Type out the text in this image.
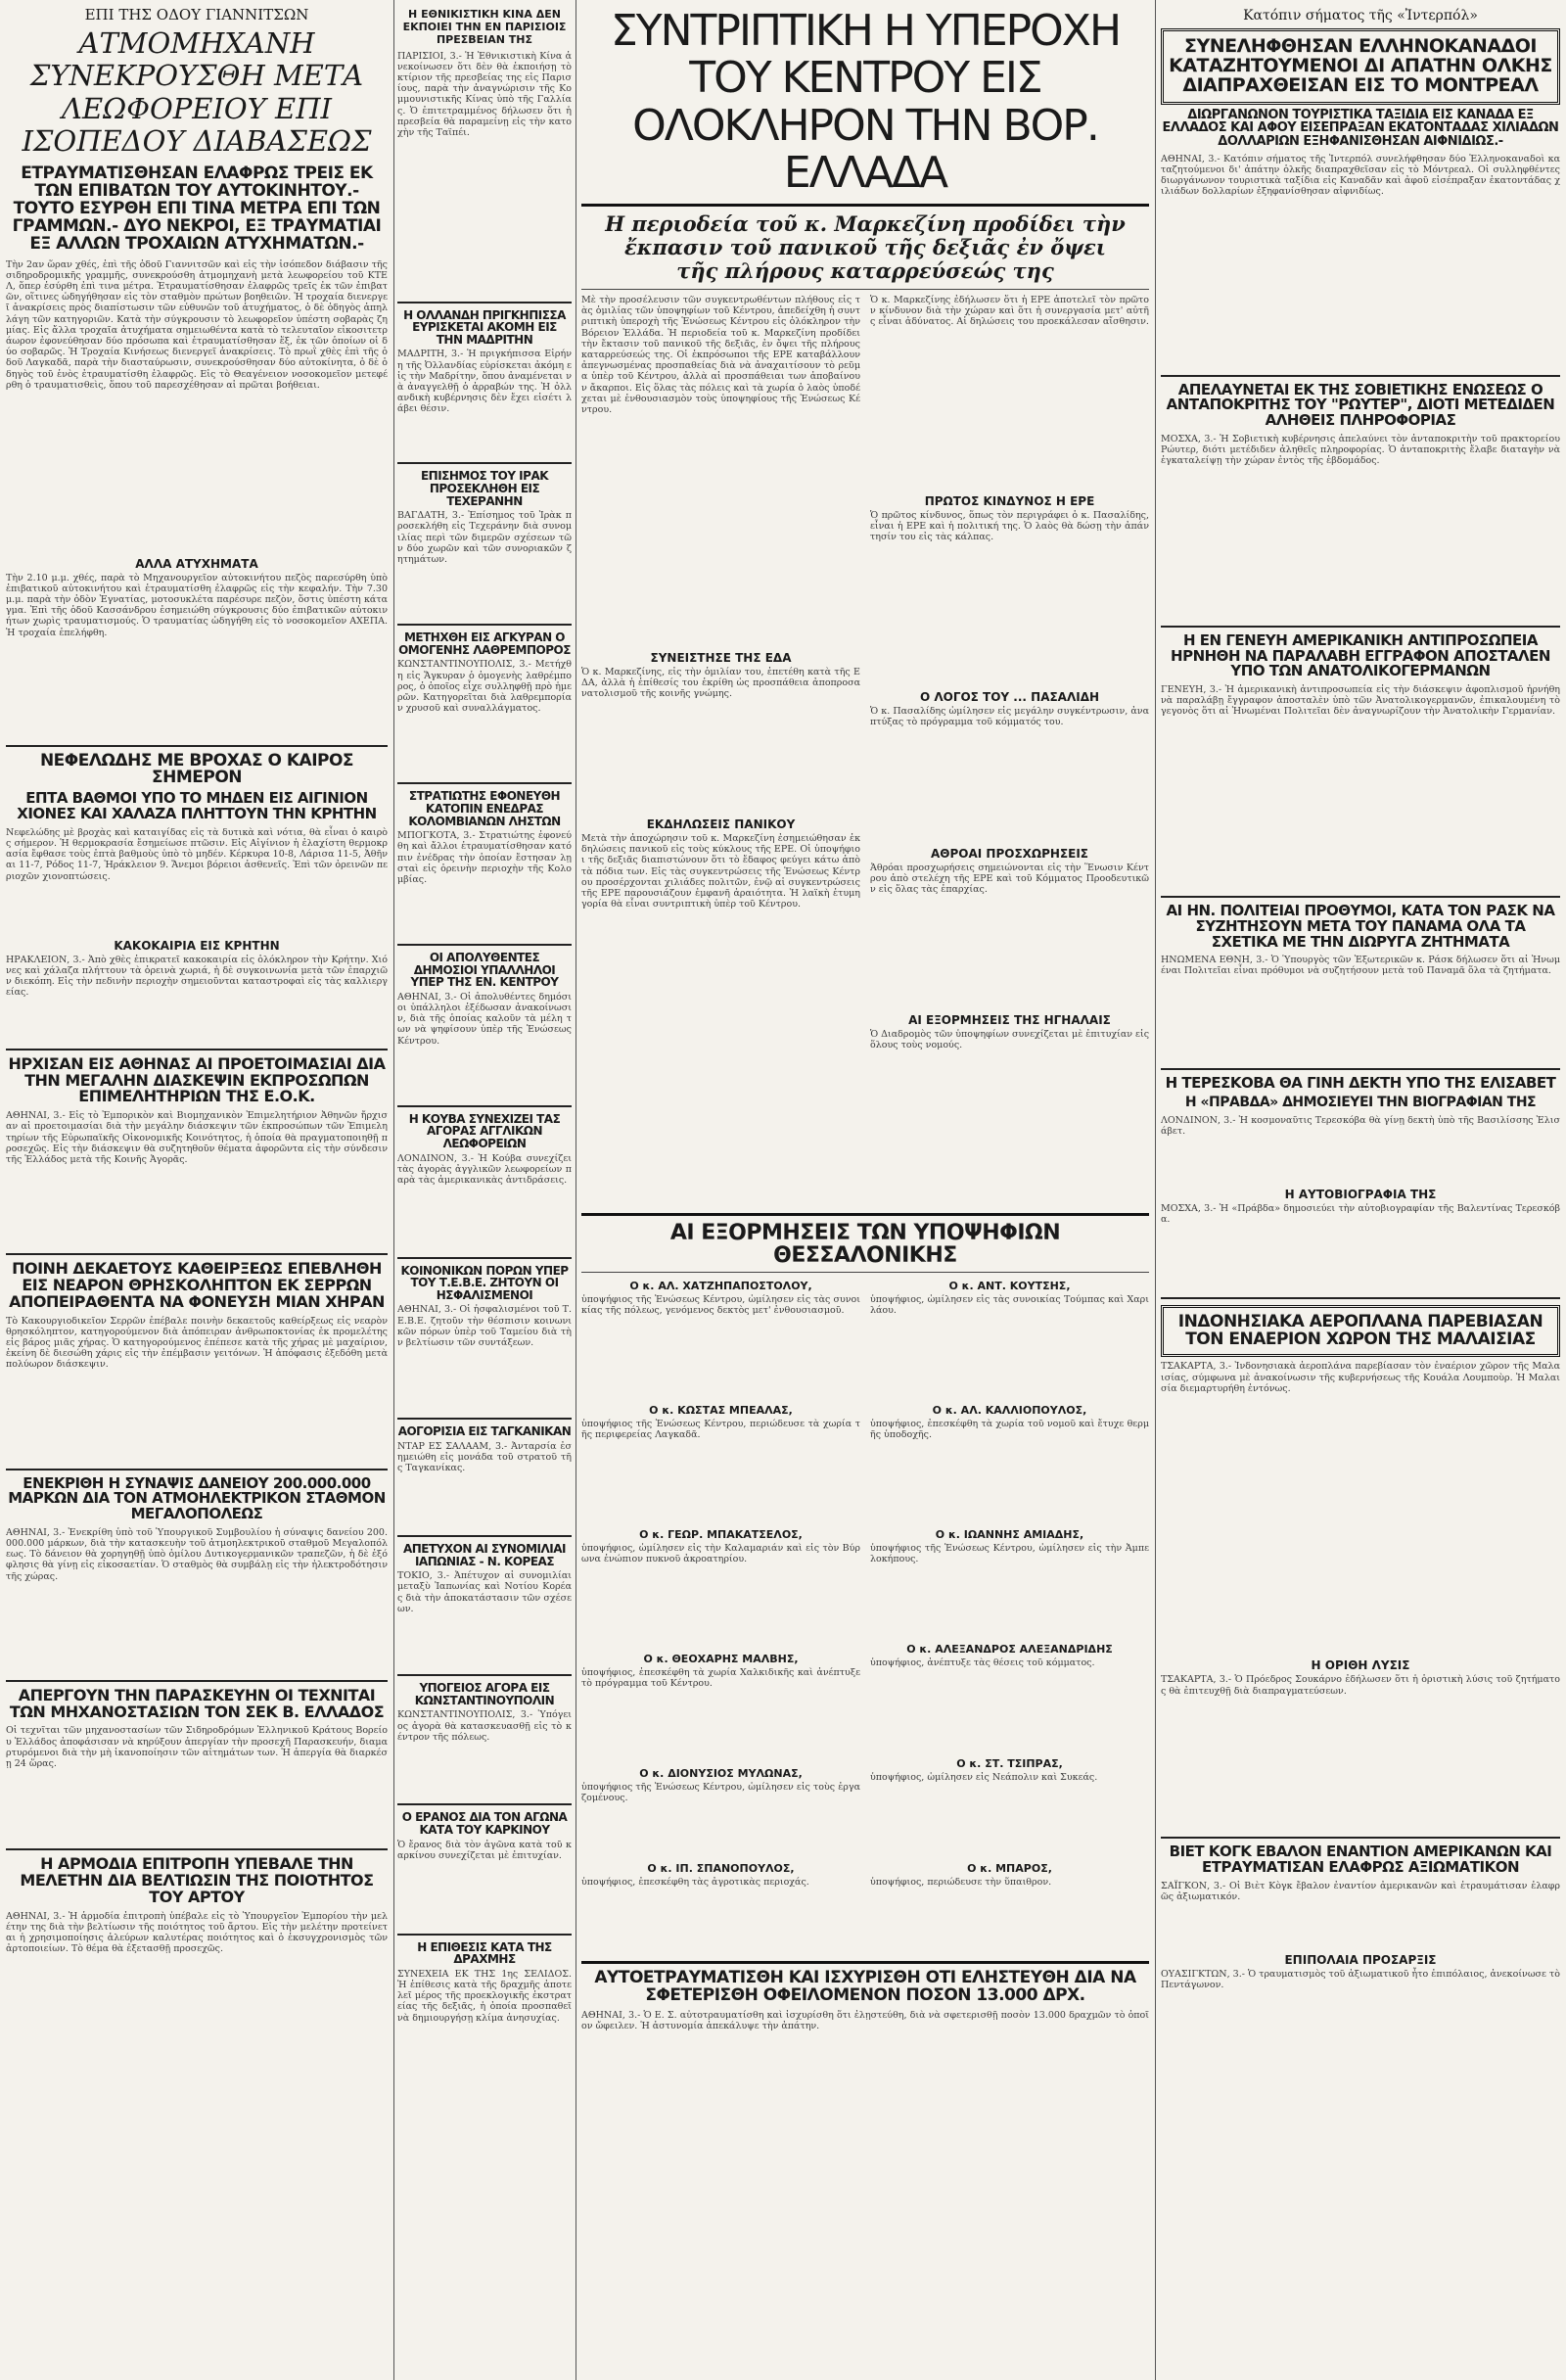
ΕΠΙ ΤΗΣ ΟΔΟΥ ΓΙΑΝΝΙΤΣΩΝ

ΑΤΜΟΜΗΧΑΝΗ ΣΥΝΕΚΡΟΥΣΘΗ ΜΕΤΑ ΛΕΩΦΟΡΕΙΟΥ ΕΠΙ ΙΣΟΠΕΔΟΥ ΔΙΑΒΑΣΕΩΣ
ΕΤΡΑΥΜΑΤΙΣΘΗΣΑΝ ΕΛΑΦΡΩΣ ΤΡΕΙΣ ΕΚ ΤΩΝ ΕΠΙΒΑΤΩΝ ΤΟΥ ΑΥΤΟΚΙΝΗΤΟΥ.- ΤΟΥΤΟ ΕΣΥΡΘΗ ΕΠΙ ΤΙΝΑ ΜΕΤΡΑ ΕΠΙ ΤΩΝ ΓΡΑΜΜΩΝ.- ΔΥΟ ΝΕΚΡΟΙ, ΕΞ ΤΡΑΥΜΑΤΙΑΙ ΕΞ ΑΛΛΩΝ ΤΡΟΧΑΙΩΝ ΑΤΥΧΗΜΑΤΩΝ.-
Τὴν 2αν ὥραν χθές, ἐπὶ τῆς ὁδοῦ Γιαννιτσῶν καὶ εἰς τὴν ἰσόπεδον διάβασιν τῆς σιδηροδρομικῆς γραμμῆς, συνεκρούσθη ἀτμομηχανὴ μετὰ λεωφορείου τοῦ ΚΤΕΛ, ὅπερ ἐσύρθη ἐπὶ τινα μέτρα. Ἐτραυματίσθησαν ἐλαφρῶς τρεῖς ἐκ τῶν ἐπιβατῶν, οἵτινες ὡδηγήθησαν εἰς τὸν σταθμὸν πρώτων βοηθειῶν. Ἡ τροχαία διενεργεῖ ἀνακρίσεις πρὸς διαπίστωσιν τῶν εὐθυνῶν τοῦ ἀτυχήματος, ὁ δὲ ὁδηγὸς ἀπηλλάγη τῶν κατηγοριῶν. Κατὰ τὴν σύγκρουσιν τὸ λεωφορεῖον ὑπέστη σοβαρὰς ζημίας. Εἰς ἄλλα τροχαῖα ἀτυχήματα σημειωθέντα κατὰ τὸ τελευταῖον εἰκοσιτετράωρον ἐφονεύθησαν δύο πρόσωπα καὶ ἐτραυματίσθησαν ἕξ, ἐκ τῶν ὁποίων οἱ δύο σοβαρῶς. Ἡ Τροχαία Κινήσεως διενεργεῖ ἀνακρίσεις. Τὸ πρωῒ χθὲς ἐπὶ τῆς ὁδοῦ Λαγκαδᾶ, παρὰ τὴν διασταύρωσιν, συνεκρούσθησαν δύο αὐτοκίνητα, ὁ δὲ ὁδηγὸς τοῦ ἑνὸς ἐτραυματίσθη ἐλαφρῶς. Εἰς τὸ Θεαγένειον νοσοκομεῖον μετεφέρθη ὁ τραυματισθεὶς, ὅπου τοῦ παρεσχέθησαν αἱ πρῶται βοήθειαι.

ΑΛΛΑ ΑΤΥΧΗΜΑΤΑ

Τὴν 2.10 μ.μ. χθές, παρὰ τὸ Μηχανουργεῖον αὐτοκινήτου πεζὸς παρεσύρθη ὑπὸ ἐπιβατικοῦ αὐτοκινήτου καὶ ἐτραυματίσθη ἐλαφρῶς εἰς τὴν κεφαλήν. Τὴν 7.30 μ.μ. παρὰ τὴν ὁδὸν Ἐγνατίας, μοτοσυκλέτα παρέσυρε πεζὸν, ὅστις ὑπέστη κάταγμα. Ἐπὶ τῆς ὁδοῦ Κασσάνδρου ἐσημειώθη σύγκρουσις δύο ἐπιβατικῶν αὐτοκινήτων χωρὶς τραυματισμούς. Ὁ τραυματίας ὡδηγήθη εἰς τὸ νοσοκομεῖον ΑΧΕΠΑ. Ἡ τροχαία ἐπελήφθη.
ΝΕΦΕΛΩΔΗΣ ΜΕ ΒΡΟΧΑΣ Ο ΚΑΙΡΟΣ ΣΗΜΕΡΟΝ
ΕΠΤΑ ΒΑΘΜΟΙ ΥΠΟ ΤΟ ΜΗΔΕΝ ΕΙΣ ΑΙΓΙΝΙΟΝ ΧΙΟΝΕΣ ΚΑΙ ΧΑΛΑΖΑ ΠΛΗΤΤΟΥΝ ΤΗΝ ΚΡΗΤΗΝ
Νεφελώδης μὲ βροχὰς καὶ καταιγίδας εἰς τὰ δυτικὰ καὶ νότια, θὰ εἶναι ὁ καιρὸς σήμερον. Ἡ θερμοκρασία ἔσημείωσε πτῶσιν. Εἰς Αἰγίνιον ἡ ἐλαχίστη θερμοκρασία ἔφθασε τοὺς ἑπτὰ βαθμοὺς ὑπὸ τὸ μηδέν. Κέρκυρα 10-8, Λάρισα 11-5, Ἀθῆναι 11-7, Ρόδος 11-7, Ἡράκλειον 9. Ἄνεμοι βόρειοι ἀσθενεῖς. Ἐπὶ τῶν ὀρεινῶν περιοχῶν χιονοπτώσεις.

ΚΑΚΟΚΑΙΡΙΑ ΕΙΣ ΚΡΗΤΗΝ

ΗΡΑΚΛΕΙΟΝ, 3.- Ἀπὸ χθὲς ἐπικρατεῖ κακοκαιρία εἰς ὁλόκληρον τὴν Κρήτην. Χιόνες καὶ χάλαζα πλήττουν τὰ ὀρεινὰ χωριά, ἡ δὲ συγκοινωνία μετὰ τῶν ἐπαρχιῶν διεκόπη. Εἰς τὴν πεδινὴν περιοχὴν σημειοῦνται καταστροφαὶ εἰς τὰς καλλιεργείας.
ΗΡΧΙΣΑΝ ΕΙΣ ΑΘΗΝΑΣ ΑΙ ΠΡΟΕΤΟΙΜΑΣΙΑΙ ΔΙΑ ΤΗΝ ΜΕΓΑΛΗΝ ΔΙΑΣΚΕΨΙΝ ΕΚΠΡΟΣΩΠΩΝ ΕΠΙΜΕΛΗΤΗΡΙΩΝ ΤΗΣ Ε.Ο.Κ.
ΑΘΗΝΑΙ, 3.- Εἰς τὸ Ἐμπορικὸν καὶ Βιομηχανικὸν Ἐπιμελητήριον Ἀθηνῶν ἤρχισαν αἱ προετοιμασίαι διὰ τὴν μεγάλην διάσκεψιν τῶν ἐκπροσώπων τῶν Ἐπιμελητηρίων τῆς Εὐρωπαϊκῆς Οἰκονομικῆς Κοινότητος, ἡ ὁποία θὰ πραγματοποιηθῇ προσεχῶς. Εἰς τὴν διάσκεψιν θὰ συζητηθοῦν θέματα ἀφορῶντα εἰς τὴν σύνδεσιν τῆς Ἑλλάδος μετὰ τῆς Κοινῆς Ἀγορᾶς.
ΠΟΙΝΗ ΔΕΚΑΕΤΟΥΣ ΚΑΘΕΙΡΞΕΩΣ ΕΠΕΒΛΗΘΗ ΕΙΣ ΝΕΑΡΟΝ ΘΡΗΣΚΟΛΗΠΤΟΝ ΕΚ ΣΕΡΡΩΝ ΑΠΟΠΕΙΡΑΘΕΝΤΑ ΝΑ ΦΟΝΕΥΣΗ ΜΙΑΝ ΧΗΡΑΝ
Τὸ Κακουργιοδικεῖον Σερρῶν ἐπέβαλε ποινὴν δεκαετοῦς καθείρξεως εἰς νεαρὸν θρησκόληπτον, κατηγορούμενον διὰ ἀπόπειραν ἀνθρωποκτονίας ἐκ προμελέτης εἰς βάρος μιᾶς χήρας. Ὁ κατηγορούμενος ἐπέπεσε κατὰ τῆς χήρας μὲ μαχαίριον, ἐκείνη δὲ διεσώθη χάρις εἰς τὴν ἐπέμβασιν γειτόνων. Ἡ ἀπόφασις ἐξεδόθη μετὰ πολύωρον διάσκεψιν.
ΕΝΕΚΡΙΘΗ Η ΣΥΝΑΨΙΣ ΔΑΝΕΙΟΥ 200.000.000 ΜΑΡΚΩΝ ΔΙΑ ΤΟΝ ΑΤΜΟΗΛΕΚΤΡΙΚΟΝ ΣΤΑΘΜΟΝ ΜΕΓΑΛΟΠΟΛΕΩΣ
ΑΘΗΝΑΙ, 3.- Ἐνεκρίθη ὑπὸ τοῦ Ὑπουργικοῦ Συμβουλίου ἡ σύναψις δανείου 200.000.000 μάρκων, διὰ τὴν κατασκευὴν τοῦ ἀτμοηλεκτρικοῦ σταθμοῦ Μεγαλοπόλεως. Τὸ δάνειον θὰ χορηγηθῇ ὑπὸ ὁμίλου Δυτικογερμανικῶν τραπεζῶν, ἡ δὲ ἐξόφλησις θὰ γίνῃ εἰς εἰκοσαετίαν. Ὁ σταθμὸς θὰ συμβάλῃ εἰς τὴν ἠλεκτροδότησιν τῆς χώρας.
ΑΠΕΡΓΟΥΝ ΤΗΝ ΠΑΡΑΣΚΕΥΗΝ ΟΙ ΤΕΧΝΙΤΑΙ ΤΩΝ ΜΗΧΑΝΟΣΤΑΣΙΩΝ ΤΟΝ ΣΕΚ Β. ΕΛΛΑΔΟΣ
Οἱ τεχνῖται τῶν μηχανοστασίων τῶν Σιδηροδρόμων Ἑλληνικοῦ Κράτους Βορείου Ἑλλάδος ἀποφάσισαν νὰ κηρύξουν ἀπεργίαν τὴν προσεχῆ Παρασκευήν, διαμαρτυρόμενοι διὰ τὴν μὴ ἱκανοποίησιν τῶν αἰτημάτων των. Ἡ ἀπεργία θὰ διαρκέσῃ 24 ὥρας.
Η ΑΡΜΟΔΙΑ ΕΠΙΤΡΟΠΗ ΥΠΕΒΑΛΕ ΤΗΝ ΜΕΛΕΤΗΝ ΔΙΑ ΒΕΛΤΙΩΣΙΝ ΤΗΣ ΠΟΙΟΤΗΤΟΣ ΤΟΥ ΑΡΤΟΥ
ΑΘΗΝΑΙ, 3.- Ἡ ἁρμοδία ἐπιτροπὴ ὑπέβαλε εἰς τὸ Ὑπουργεῖον Ἐμπορίου τὴν μελέτην της διὰ τὴν βελτίωσιν τῆς ποιότητος τοῦ ἄρτου. Εἰς τὴν μελέτην προτείνεται ἡ χρησιμοποίησις ἀλεύρων καλυτέρας ποιότητος καὶ ὁ ἐκσυγχρονισμὸς τῶν ἀρτοποιείων. Τὸ θέμα θὰ ἐξετασθῇ προσεχῶς.

Η ΕΘΝΙΚΙΣΤΙΚΗ ΚΙΝΑ ΔΕΝ ΕΚΠΟΙΕΙ ΤΗΝ ΕΝ ΠΑΡΙΣΙΟΙΣ ΠΡΕΣΒΕΙΑΝ ΤΗΣ

ΠΑΡΙΣΙΟΙ, 3.- Ἡ Ἐθνικιστικὴ Κίνα ἀνεκοίνωσεν ὅτι δὲν θὰ ἐκποιήσῃ τὸ κτίριον τῆς πρεσβείας της εἰς Παρισίους, παρὰ τὴν ἀναγνώρισιν τῆς Κομμουνιστικῆς Κίνας ὑπὸ τῆς Γαλλίας. Ὁ ἐπιτετραμμένος δήλωσεν ὅτι ἡ πρεσβεία θὰ παραμείνῃ εἰς τὴν κατοχὴν τῆς Ταϊπέι.
Η ΟΛΛΑΝΔΗ ΠΡΙΓΚΗΠΙΣΣΑ ΕΥΡΙΣΚΕΤΑΙ ΑΚΟΜΗ ΕΙΣ ΤΗΝ ΜΑΔΡΙΤΗΝ
ΜΑΔΡΙΤΗ, 3.- Ἡ πριγκήπισσα Εἰρήνη τῆς Ὀλλανδίας εὑρίσκεται ἀκόμη εἰς τὴν Μαδρίτην, ὅπου ἀναμένεται νὰ ἀναγγελθῇ ὁ ἀρραβών της. Ἡ ὀλλανδικὴ κυβέρνησις δὲν ἔχει εἰσέτι λάβει θέσιν.
ΕΠΙΣΗΜΟΣ ΤΟΥ ΙΡΑΚ ΠΡΟΣΕΚΛΗΘΗ ΕΙΣ ΤΕΧΕΡΑΝΗΝ
ΒΑΓΔΑΤΗ, 3.- Ἐπίσημος τοῦ Ἰρὰκ προσεκλήθη εἰς Τεχεράνην διὰ συνομιλίας περὶ τῶν διμερῶν σχέσεων τῶν δύο χωρῶν καὶ τῶν συνοριακῶν ζητημάτων.
ΜΕΤΗΧΘΗ ΕΙΣ ΑΓΚΥΡΑΝ Ο ΟΜΟΓΕΝΗΣ ΛΑΘΡΕΜΠΟΡΟΣ
ΚΩΝΣΤΑΝΤΙΝΟΥΠΟΛΙΣ, 3.- Μετήχθη εἰς Ἄγκυραν ὁ ὁμογενὴς λαθρέμπορος, ὁ ὁποῖος εἶχε συλληφθῇ πρὸ ἡμερῶν. Κατηγορεῖται διὰ λαθρεμπορίαν χρυσοῦ καὶ συναλλάγματος.
ΣΤΡΑΤΙΩΤΗΣ ΕΦΟΝΕΥΘΗ ΚΑΤΟΠΙΝ ΕΝΕΔΡΑΣ ΚΟΛΟΜΒΙΑΝΩΝ ΛΗΣΤΩΝ
ΜΠΟΓΚΟΤΑ, 3.- Στρατιώτης ἐφονεύθη καὶ ἄλλοι ἐτραυματίσθησαν κατόπιν ἐνέδρας τὴν ὁποίαν ἔστησαν λῃσταὶ εἰς ὀρεινὴν περιοχὴν τῆς Κολομβίας.
ΟΙ ΑΠΟΛΥΘΕΝΤΕΣ ΔΗΜΟΣΙΟΙ ΥΠΑΛΛΗΛΟΙ ΥΠΕΡ ΤΗΣ ΕΝ. ΚΕΝΤΡΟΥ
ΑΘΗΝΑΙ, 3.- Οἱ ἀπολυθέντες δημόσιοι ὑπάλληλοι ἐξέδωσαν ἀνακοίνωσιν, διὰ τῆς ὁποίας καλοῦν τὰ μέλη των νὰ ψηφίσουν ὑπὲρ τῆς Ἑνώσεως Κέντρου.
Η ΚΟΥΒΑ ΣΥΝΕΧΙΖΕΙ ΤΑΣ ΑΓΟΡΑΣ ΑΓΓΛΙΚΩΝ ΛΕΩΦΟΡΕΙΩΝ
ΛΟΝΔΙΝΟΝ, 3.- Ἡ Κούβα συνεχίζει τὰς ἀγορὰς ἀγγλικῶν λεωφορείων παρὰ τὰς ἀμερικανικὰς ἀντιδράσεις.
ΚΟΙΝΟΝΙΚΩΝ ΠΟΡΩΝ ΥΠΕΡ ΤΟΥ Τ.Ε.Β.Ε. ΖΗΤΟΥΝ ΟΙ ΗΣΦΑΛΙΣΜΕΝΟΙ
ΑΘΗΝΑΙ, 3.- Οἱ ἠσφαλισμένοι τοῦ Τ.Ε.Β.Ε. ζητοῦν τὴν θέσπισιν κοινωνικῶν πόρων ὑπὲρ τοῦ Ταμείου διὰ τὴν βελτίωσιν τῶν συντάξεων.
ΑΟΓΟΡΙΣΙΑ ΕΙΣ ΤΑΓΚΑΝΙΚΑΝ
ΝΤΑΡ ΕΣ ΣΑΛΑΑΜ, 3.- Ἀνταρσία ἐσημειώθη εἰς μονάδα τοῦ στρατοῦ τῆς Ταγκανίκας.
ΑΠΕΤΥΧΟΝ ΑΙ ΣΥΝΟΜΙΛΙΑΙ ΙΑΠΩΝΙΑΣ - Ν. ΚΟΡΕΑΣ
ΤΟΚΙΟ, 3.- Ἀπέτυχον αἱ συνομιλίαι μεταξὺ Ἰαπωνίας καὶ Νοτίου Κορέας διὰ τὴν ἀποκατάστασιν τῶν σχέσεων.
ΥΠΟΓΕΙΟΣ ΑΓΟΡΑ ΕΙΣ ΚΩΝΣΤΑΝΤΙΝΟΥΠΟΛΙΝ
ΚΩΝΣΤΑΝΤΙΝΟΥΠΟΛΙΣ, 3.- Ὑπόγειος ἀγορὰ θὰ κατασκευασθῇ εἰς τὸ κέντρον τῆς πόλεως.
Ο ΕΡΑΝΟΣ ΔΙΑ ΤΟΝ ΑΓΩΝΑ ΚΑΤΑ ΤΟΥ ΚΑΡΚΙΝΟΥ
Ὁ ἔρανος διὰ τὸν ἀγῶνα κατὰ τοῦ καρκίνου συνεχίζεται μὲ ἐπιτυχίαν.
Η ΕΠΙΘΕΣΙΣ ΚΑΤΑ ΤΗΣ ΔΡΑΧΜΗΣ
ΣΥΝΕΧΕΙΑ ΕΚ ΤΗΣ 1ης ΣΕΛΙΔΟΣ. Ἡ ἐπίθεσις κατὰ τῆς δραχμῆς ἀποτελεῖ μέρος τῆς προεκλογικῆς ἐκστρατείας τῆς δεξιᾶς, ἡ ὁποία προσπαθεῖ νὰ δημιουργήσῃ κλίμα ἀνησυχίας.
ΣΥΝΤΡΙΠΤΙΚΗ Η ΥΠΕΡΟΧΗ ΤΟΥ ΚΕΝΤΡΟΥ ΕΙΣ ΟΛΟΚΛΗΡΟΝ ΤΗΝ ΒΟΡ. ΕΛΛΑΔΑ

Η περιοδεία τοῦ κ. Μαρκεζίνη προδίδει τὴν ἔκπασιν τοῦ πανικοῦ τῆς δεξιᾶς ἐν ὄψει τῆς πλήρους καταρρεύσεώς της

Μὲ τὴν προσέλευσιν τῶν συγκεντρωθέντων πλήθους εἰς τὰς ὁμιλίας τῶν ὑποψηφίων τοῦ Κέντρου, ἀπεδείχθη ἡ συντριπτικὴ ὑπεροχὴ τῆς Ἑνώσεως Κέντρου εἰς ὁλόκληρον τὴν Βόρειον Ἑλλάδα. Ἡ περιοδεία τοῦ κ. Μαρκεζίνη προδίδει τὴν ἔκτασιν τοῦ πανικοῦ τῆς δεξιᾶς, ἐν ὄψει τῆς πλήρους καταρρεύσεώς της. Οἱ ἐκπρόσωποι τῆς ΕΡΕ καταβάλλουν ἀπεγνωσμένας προσπαθείας διὰ νὰ ἀναχαιτίσουν τὸ ρεῦμα ὑπὲρ τοῦ Κέντρου, ἀλλὰ αἱ προσπάθειαι των ἀποβαίνουν ἄκαρποι. Εἰς ὅλας τὰς πόλεις καὶ τὰ χωρία ὁ λαὸς ὑποδέχεται μὲ ἐνθουσιασμὸν τοὺς ὑποψηφίους τῆς Ἑνώσεως Κέντρου.

ΣΥΝΕΙΣΤΗΣΕ ΤΗΣ ΕΔΑ

Ὁ κ. Μαρκεζίνης, εἰς τὴν ὁμιλίαν του, ἐπετέθη κατὰ τῆς ΕΔΑ, ἀλλὰ ἡ ἐπίθεσίς του ἐκρίθη ὡς προσπάθεια ἀποπροσανατολισμοῦ τῆς κοινῆς γνώμης.

ΕΚΔΗΛΩΣΕΙΣ ΠΑΝΙΚΟΥ

Μετὰ τὴν ἀποχώρησιν τοῦ κ. Μαρκεζίνη ἐσημειώθησαν ἐκδηλώσεις πανικοῦ εἰς τοὺς κύκλους τῆς ΕΡΕ. Οἱ ὑποψήφιοι τῆς δεξιᾶς διαπιστώνουν ὅτι τὸ ἔδαφος φεύγει κάτω ἀπὸ τὰ πόδια των. Εἰς τὰς συγκεντρώσεις τῆς Ἑνώσεως Κέντρου προσέρχονται χιλιάδες πολιτῶν, ἐνῷ αἱ συγκεντρώσεις τῆς ΕΡΕ παρουσιάζουν ἐμφανῆ ἀραιότητα. Ἡ λαϊκὴ ἐτυμηγορία θὰ εἶναι συντριπτικὴ ὑπὲρ τοῦ Κέντρου.
Ὁ κ. Μαρκεζίνης ἐδήλωσεν ὅτι ἡ ΕΡΕ ἀποτελεῖ τὸν πρῶτον κίνδυνον διὰ τὴν χώραν καὶ ὅτι ἡ συνεργασία μετ' αὐτῆς εἶναι ἀδύνατος. Αἱ δηλώσεις του προεκάλεσαν αἴσθησιν.

ΠΡΩΤΟΣ ΚΙΝΔΥΝΟΣ Η ΕΡΕ

Ὁ πρῶτος κίνδυνος, ὅπως τὸν περιγράφει ὁ κ. Πασαλίδης, εἶναι ἡ ΕΡΕ καὶ ἡ πολιτική της. Ὁ λαὸς θὰ δώσῃ τὴν ἀπάντησίν του εἰς τὰς κάλπας.

Ο ΛΟΓΟΣ ΤΟΥ ... ΠΑΣΑΛΙΔΗ

Ὁ κ. Πασαλίδης ὡμίλησεν εἰς μεγάλην συγκέντρωσιν, ἀναπτύξας τὸ πρόγραμμα τοῦ κόμματός του.

ΑΘΡΟΑΙ ΠΡΟΣΧΩΡΗΣΕΙΣ

Ἀθρόαι προσχωρήσεις σημειώνονται εἰς τὴν Ἕνωσιν Κέντρου ἀπὸ στελέχη τῆς ΕΡΕ καὶ τοῦ Κόμματος Προοδευτικῶν εἰς ὅλας τὰς ἐπαρχίας.

ΑΙ ΕΞΟΡΜΗΣΕΙΣ ΤΗΣ ΗΓΗΑΛΑΙΣ

Ὁ Διαδρομὸς τῶν ὑποψηφίων συνεχίζεται μὲ ἐπιτυχίαν εἰς ὅλους τοὺς νομούς.
ΑΙ ΕΞΟΡΜΗΣΕΙΣ ΤΩΝ ΥΠΟΨΗΦΙΩΝ ΘΕΣΣΑΛΟΝΙΚΗΣ

Ο κ. ΑΛ. ΧΑΤΖΗΠΑΠΟΣΤΟΛΟΥ,

ὑποψήφιος τῆς Ἑνώσεως Κέντρου, ὡμίλησεν εἰς τὰς συνοικίας τῆς πόλεως, γενόμενος δεκτὸς μετ' ἐνθουσιασμοῦ.

Ο κ. ΚΩΣΤΑΣ ΜΠΕΑΛΑΣ,

ὑποψήφιος τῆς Ἑνώσεως Κέντρου, περιώδευσε τὰ χωρία τῆς περιφερείας Λαγκαδᾶ.

Ο κ. ΓΕΩΡ. ΜΠΑΚΑΤΣΕΛΟΣ,

ὑποψήφιος, ὡμίλησεν εἰς τὴν Καλαμαριάν καὶ εἰς τὸν Βύρωνα ἐνώπιον πυκνοῦ ἀκροατηρίου.

Ο κ. ΘΕΟΧΑΡΗΣ ΜΑΛΒΗΣ,

ὑποψήφιος, ἐπεσκέφθη τὰ χωρία Χαλκιδικῆς καὶ ἀνέπτυξε τὸ πρόγραμμα τοῦ Κέντρου.

Ο κ. ΔΙΟΝΥΣΙΟΣ ΜΥΛΩΝΑΣ,

ὑποψήφιος τῆς Ἑνώσεως Κέντρου, ὡμίλησεν εἰς τοὺς ἐργαζομένους.

Ο κ. ΙΠ. ΣΠΑΝΟΠΟΥΛΟΣ,

ὑποψήφιος, ἐπεσκέφθη τὰς ἀγροτικὰς περιοχάς.

Ο κ. ΑΝΤ. ΚΟΥΤΣΗΣ,

ὑποψήφιος, ὡμίλησεν εἰς τὰς συνοικίας Τούμπας καὶ Χαριλάου.

Ο κ. ΑΛ. ΚΑΛΛΙΟΠΟΥΛΟΣ,

ὑποψήφιος, ἐπεσκέφθη τὰ χωρία τοῦ νομοῦ καὶ ἔτυχε θερμῆς ὑποδοχῆς.

Ο κ. ΙΩΑΝΝΗΣ ΑΜΙΑΔΗΣ,

ὑποψήφιος τῆς Ἑνώσεως Κέντρου, ὡμίλησεν εἰς τὴν Ἀμπελοκήπους.

Ο κ. ΑΛΕΞΑΝΔΡΟΣ ΑΛΕΞΑΝΔΡΙΔΗΣ

ὑποψήφιος, ἀνέπτυξε τὰς θέσεις τοῦ κόμματος.

Ο κ. ΣΤ. ΤΣΙΠΡΑΣ,

ὑποψήφιος, ὡμίλησεν εἰς Νεάπολιν καὶ Συκεάς.

Ο κ. ΜΠΑΡΟΣ,

ὑποψήφιος, περιώδευσε τὴν ὕπαιθρον.
ΑΥΤΟΕΤΡΑΥΜΑΤΙΣΘΗ ΚΑΙ ΙΣΧΥΡΙΣΘΗ ΟΤΙ ΕΛΗΣΤΕΥΘΗ ΔΙΑ ΝΑ ΣΦΕΤΕΡΙΣΘΗ ΟΦΕΙΛΟΜΕΝΟΝ ΠΟΣΟΝ 13.000 ΔΡΧ.
ΑΘΗΝΑΙ, 3.- Ὁ Ε. Σ. αὐτοτραυματίσθη καὶ ἰσχυρίσθη ὅτι ἐλῃστεύθη, διὰ νὰ σφετερισθῇ ποσὸν 13.000 δραχμῶν τὸ ὁποῖον ὤφειλεν. Ἡ ἀστυνομία ἀπεκάλυψε τὴν ἀπάτην.

Κατόπιν σήματος τῆς «Ἰντερπόλ»

ΣΥΝΕΛΗΦΘΗΣΑΝ ΕΛΛΗΝΟΚΑΝΑΔΟΙ ΚΑΤΑΖΗΤΟΥΜΕΝΟΙ ΔΙ ΑΠΑΤΗΝ ΟΛΚΗΣ ΔΙΑΠΡΑΧΘΕΙΣΑΝ ΕΙΣ ΤΟ ΜΟΝΤΡΕΑΛ
ΔΙΩΡΓΑΝΩΝΟΝ ΤΟΥΡΙΣΤΙΚΑ ΤΑΞΙΔΙΑ ΕΙΣ ΚΑΝΑΔΑ ΕΞ ΕΛΛΑΔΟΣ ΚΑΙ ΑΦΟΥ ΕΙΣΕΠΡΑΞΑΝ ΕΚΑΤΟΝΤΑΔΑΣ ΧΙΛΙΑΔΩΝ ΔΟΛΛΑΡΙΩΝ ΕΞΗΦΑΝΙΣΘΗΣΑΝ ΑΙΦΝΙΔΙΩΣ.-
ΑΘΗΝΑΙ, 3.- Κατόπιν σήματος τῆς Ἰντερπόλ συνελήφθησαν δύο Ἑλληνοκαναδοὶ καταζητούμενοι δι' ἀπάτην ὁλκῆς διαπραχθεῖσαν εἰς τὸ Μόντρεαλ. Οἱ συλληφθέντες διωργάνωνον τουριστικὰ ταξίδια εἰς Καναδᾶν καὶ ἀφοῦ εἰσέπραξαν ἑκατοντάδας χιλιάδων δολλαρίων ἐξηφανίσθησαν αἰφνιδίως.
ΑΠΕΛΑΥΝΕΤΑΙ ΕΚ ΤΗΣ ΣΟΒΙΕΤΙΚΗΣ ΕΝΩΣΕΩΣ Ο ΑΝΤΑΠΟΚΡΙΤΗΣ ΤΟΥ "ΡΩΥΤΕΡ", ΔΙΟΤΙ ΜΕΤΕΔΙΔΕΝ ΑΛΗΘΕΙΣ ΠΛΗΡΟΦΟΡΙΑΣ
ΜΟΣΧΑ, 3.- Ἡ Σοβιετικὴ κυβέρνησις ἀπελαύνει τὸν ἀνταποκριτὴν τοῦ πρακτορείου Ρώυτερ, διότι μετέδιδεν ἀληθεῖς πληροφορίας. Ὁ ἀνταποκριτὴς ἔλαβε διαταγὴν νὰ ἐγκαταλείψῃ τὴν χώραν ἐντὸς τῆς ἑβδομάδος.
Η ΕΝ ΓΕΝΕΥΗ ΑΜΕΡΙΚΑΝΙΚΗ ΑΝΤΙΠΡΟΣΩΠΕΙΑ ΗΡΝΗΘΗ ΝΑ ΠΑΡΑΛΑΒΗ ΕΓΓΡΑΦΟΝ ΑΠΟΣΤΑΛΕΝ ΥΠΟ ΤΩΝ ΑΝΑΤΟΛΙΚΟΓΕΡΜΑΝΩΝ
ΓΕΝΕΥΗ, 3.- Ἡ ἀμερικανικὴ ἀντιπροσωπεία εἰς τὴν διάσκεψιν ἀφοπλισμοῦ ἠρνήθη νὰ παραλάβῃ ἔγγραφον ἀποσταλὲν ὑπὸ τῶν Ἀνατολικογερμανῶν, ἐπικαλουμένη τὸ γεγονὸς ὅτι αἱ Ἡνωμέναι Πολιτεῖαι δὲν ἀναγνωρίζουν τὴν Ἀνατολικὴν Γερμανίαν.
ΑΙ ΗΝ. ΠΟΛΙΤΕΙΑΙ ΠΡΟΘΥΜΟΙ, ΚΑΤΑ ΤΟΝ ΡΑΣΚ ΝΑ ΣΥΖΗΤΗΣΟΥΝ ΜΕΤΑ ΤΟΥ ΠΑΝΑΜΑ ΟΛΑ ΤΑ ΣΧΕΤΙΚΑ ΜΕ ΤΗΝ ΔΙΩΡΥΓΑ ΖΗΤΗΜΑΤΑ
ΗΝΩΜΕΝΑ ΕΘΝΗ, 3.- Ὁ Ὑπουργὸς τῶν Ἐξωτερικῶν κ. Ράσκ δήλωσεν ὅτι αἱ Ἡνωμέναι Πολιτεῖαι εἶναι πρόθυμοι νὰ συζητήσουν μετὰ τοῦ Παναμᾶ ὅλα τὰ ζητήματα.
Η ΤΕΡΕΣΚΟΒΑ ΘΑ ΓΙΝΗ ΔΕΚΤΗ ΥΠΟ ΤΗΣ ΕΛΙΣΑΒΕΤ
Η «ΠΡΑΒΔΑ» ΔΗΜΟΣΙΕΥΕΙ ΤΗΝ ΒΙΟΓΡΑΦΙΑΝ ΤΗΣ
ΛΟΝΔΙΝΟΝ, 3.- Ἡ κοσμοναῦτις Τερεσκόβα θὰ γίνῃ δεκτὴ ὑπὸ τῆς Βασιλίσσης Ἐλισάβετ.

Η ΑΥΤΟΒΙΟΓΡΑΦΙΑ ΤΗΣ

ΜΟΣΧΑ, 3.- Ἡ «Πράβδα» δημοσιεύει τὴν αὐτοβιογραφίαν τῆς Βαλεντίνας Τερεσκόβα.
ΙΝΔΟΝΗΣΙΑΚΑ ΑΕΡΟΠΛΑΝΑ ΠΑΡΕΒΙΑΣΑΝ ΤΟΝ ΕΝΑΕΡΙΟΝ ΧΩΡΟΝ ΤΗΣ ΜΑΛΑΙΣΙΑΣ
ΤΣΑΚΑΡΤΑ, 3.- Ἰνδονησιακὰ ἀεροπλάνα παρεβίασαν τὸν ἐναέριον χῶρον τῆς Μαλαισίας, σύμφωνα μὲ ἀνακοίνωσιν τῆς κυβερνήσεως τῆς Κουάλα Λουμποὺρ. Ἡ Μαλαισία διεμαρτυρήθη ἐντόνως.

Η ΟΡΙΘΗ ΛΥΣΙΣ

ΤΣΑΚΑΡΤΑ, 3.- Ὁ Πρόεδρος Σουκάρνο ἐδήλωσεν ὅτι ἡ ὁριστικὴ λύσις τοῦ ζητήματος θὰ ἐπιτευχθῇ διὰ διαπραγματεύσεων.
ΒΙΕΤ ΚΟΓΚ ΕΒΑΛΟΝ ΕΝΑΝΤΙΟΝ ΑΜΕΡΙΚΑΝΩΝ ΚΑΙ ΕΤΡΑΥΜΑΤΙΣΑΝ ΕΛΑΦΡΩΣ ΑΞΙΩΜΑΤΙΚΟΝ
ΣΑΪΓΚΟΝ, 3.- Οἱ Βιὲτ Κὸγκ ἔβαλον ἐναντίον ἀμερικανῶν καὶ ἐτραυμάτισαν ἐλαφρῶς ἀξιωματικόν.

ΕΠΙΠΟΛΑΙΑ ΠΡΟΣΑΡΞΙΣ

ΟΥΑΣΙΓΚΤΩΝ, 3.- Ὁ τραυματισμὸς τοῦ ἀξιωματικοῦ ἦτο ἐπιπόλαιος, ἀνεκοίνωσε τὸ Πεντάγωνον.
